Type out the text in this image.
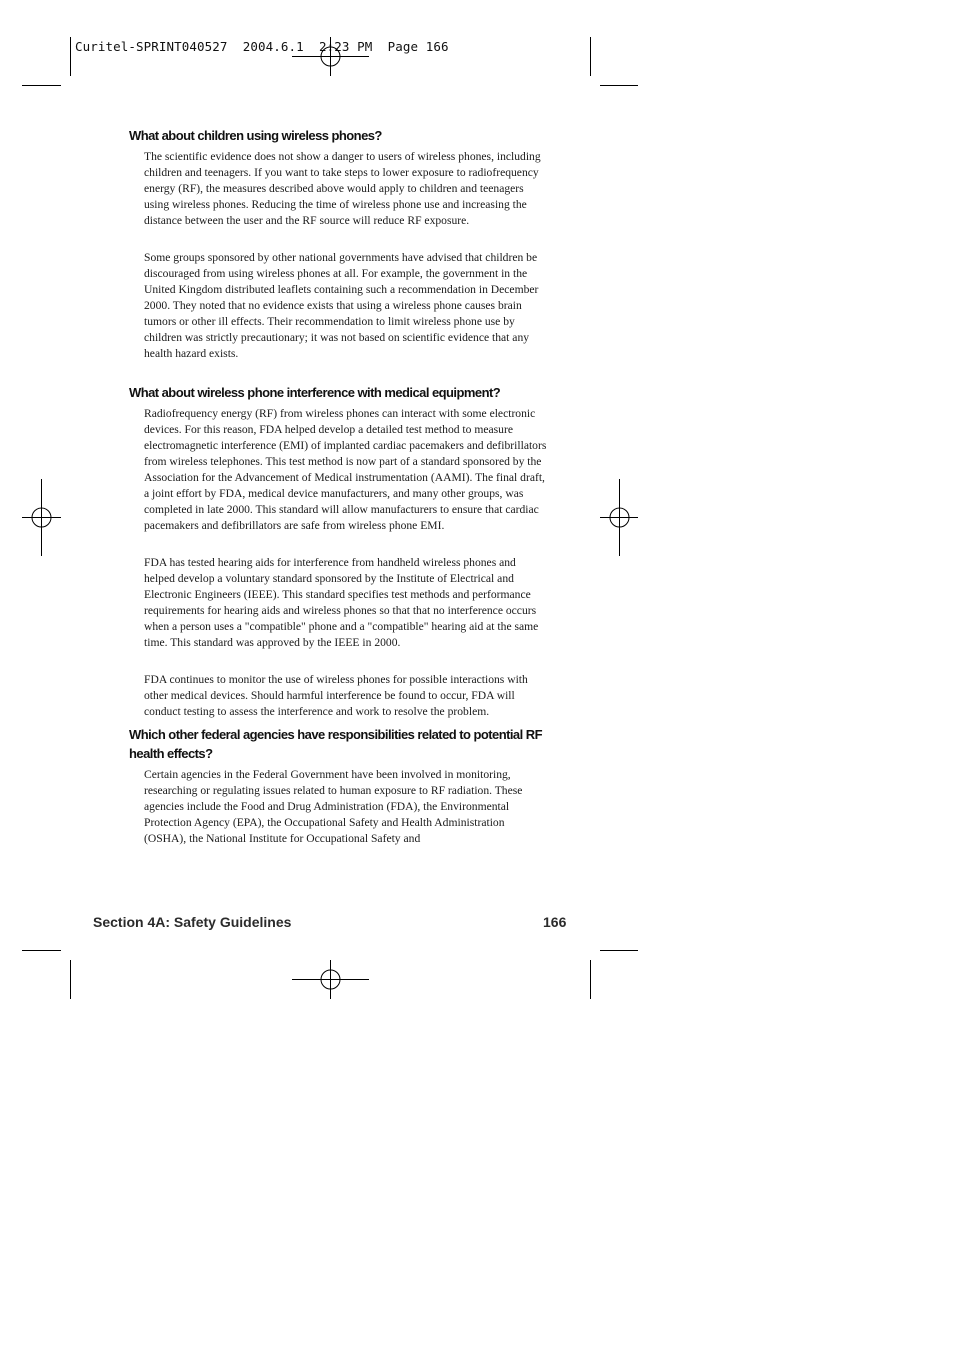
Curitel-SPRINT040527  2004.6.1  2:23 PM  Page 166
What about children using wireless phones?

The scientific evidence does not show a danger to users of wireless phones, including children and teenagers. If you want to take steps to lower exposure to radiofrequency energy (RF), the measures described above would apply to children and teenagers using wireless phones. Reducing the time of wireless phone use and increasing the distance between the user and the RF source will reduce RF exposure.

Some groups sponsored by other national governments have advised that children be discouraged from using wireless phones at all. For example, the government in the United Kingdom distributed leaflets containing such a recommendation in December 2000. They noted that no evidence exists that using a wireless phone causes brain tumors or other ill effects. Their recommendation to limit wireless phone use by children was strictly precautionary; it was not based on scientific evidence that any health hazard exists.

What about wireless phone interference with medical equipment?

Radiofrequency energy (RF) from wireless phones can interact with some electronic devices. For this reason, FDA helped develop a detailed test method to measure electromagnetic interference (EMI) of implanted cardiac pacemakers and defibrillators from wireless telephones. This test method is now part of a standard sponsored by the Association for the Advancement of Medical instrumentation (AAMI). The final draft, a joint effort by FDA, medical device manufacturers, and many other groups, was completed in late 2000. This standard will allow manufacturers to ensure that cardiac pacemakers and defibrillators are safe from wireless phone EMI.

FDA has tested hearing aids for interference from handheld wireless phones and helped develop a voluntary standard sponsored by the Institute of Electrical and Electronic Engineers (IEEE). This standard specifies test methods and performance requirements for hearing aids and wireless phones so that that no interference occurs when a person uses a "compatible" phone and a "compatible" hearing aid at the same time. This standard was approved by the IEEE in 2000.

FDA continues to monitor the use of wireless phones for possible interactions with other medical devices. Should harmful interference be found to occur, FDA will conduct testing to assess the interference and work to resolve the problem.

Which other federal agencies have responsibilities related to potential RF health effects?

Certain agencies in the Federal Government have been involved in monitoring, researching or regulating issues related to human exposure to RF radiation. These agencies include the Food and Drug Administration (FDA), the Environmental Protection Agency (EPA), the Occupational Safety and Health Administration (OSHA), the National Institute for Occupational Safety and

Section 4A: Safety Guidelines	166
